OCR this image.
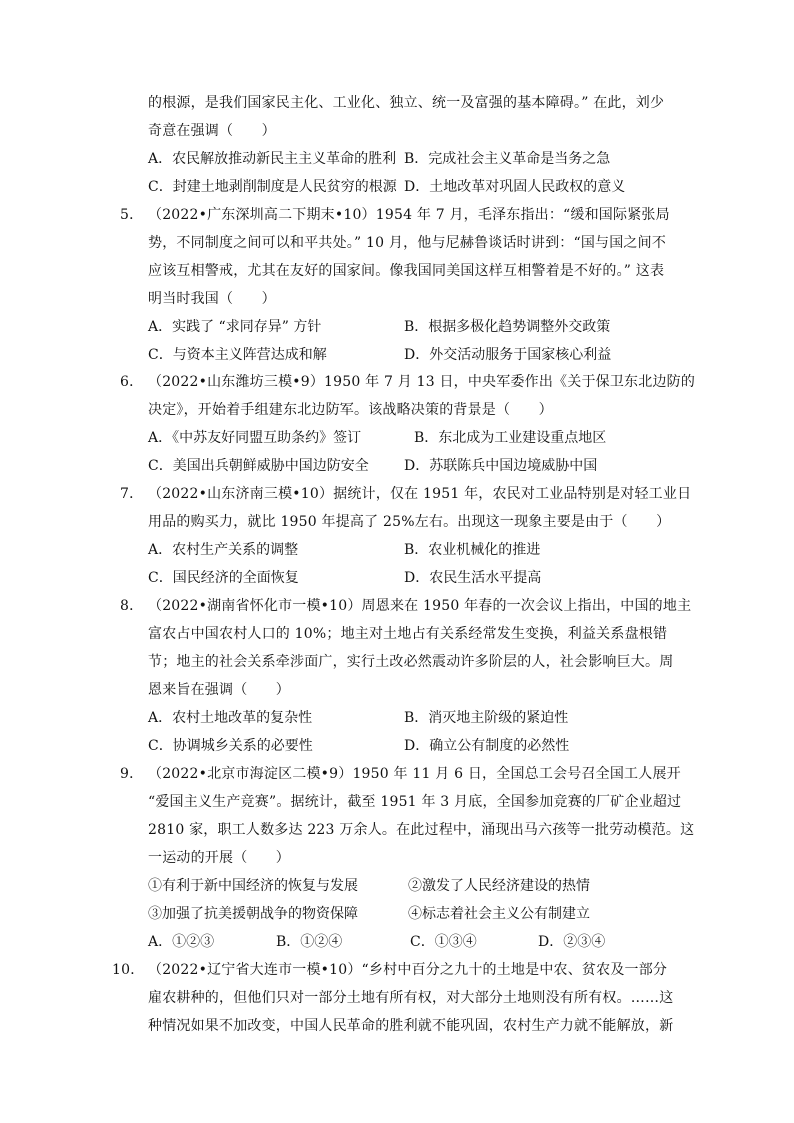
的根源，是我们国家民主化、工业化、独立、统一及富强的基本障碍。” 在此，刘少
奇意在强调（　　）
A．农民解放推动新民主主义革命的胜利 B．完成社会主义革命是当务之急
C．封建土地剥削制度是人民贫穷的根源 D．土地改革对巩固人民政权的意义
5． （2022•广东深圳高二下期末•10）1954 年 7 月，毛泽东指出：“缓和国际紧张局
势，不同制度之间可以和平共处。” 10 月，他与尼赫鲁谈话时讲到：“国与国之间不
应该互相警戒，尤其在友好的国家间。像我国同美国这样互相警着是不好的。” 这表
明当时我国（　　）
A．实践了 “求同存异” 方针	B．根据多极化趋势调整外交政策
C．与资本主义阵营达成和解	D．外交活动服务于国家核心利益
6． （2022•山东潍坊三模•9）1950 年 7 月 13 日，中央军委作出《关于保卫东北边防的
决定》，开始着手组建东北边防军。该战略决策的背景是（　　）
A．《中苏友好同盟互助条约》签订	B．东北成为工业建设重点地区
C．美国出兵朝鲜威胁中国边防安全	D．苏联陈兵中国边境威胁中国
7． （2022•山东济南三模•10）据统计，仅在 1951 年，农民对工业品特别是对轻工业日
用品的购买力，就比 1950 年提高了 25%左右。出现这一现象主要是由于（　　）
A．农村生产关系的调整	B．农业机械化的推进
C．国民经济的全面恢复	D．农民生活水平提高
8． （2022•湖南省怀化市一模•10）周恩来在 1950 年春的一次会议上指出，中国的地主
富农占中国农村人口的 10%；地主对土地占有关系经常发生变换，利益关系盘根错
节；地主的社会关系牵涉面广，实行土改必然震动许多阶层的人，社会影响巨大。周
恩来旨在强调（　　）
A．农村土地改革的复杂性	B．消灭地主阶级的紧迫性
C．协调城乡关系的必要性	D．确立公有制度的必然性
9． （2022•北京市海淀区二模•9）1950 年 11 月 6 日，全国总工会号召全国工人展开
“爱国主义生产竞赛”。据统计，截至 1951 年 3 月底，全国参加竞赛的厂矿企业超过
2810 家，职工人数多达 223 万余人。在此过程中，涌现出马六孩等一批劳动模范。这
一运动的开展（　　）
①有利于新中国经济的恢复与发展	②激发了人民经济建设的热情
③加强了抗美援朝战争的物资保障	④标志着社会主义公有制建立
A．①②③	B．①②④	C．①③④	D．②③④
10． （2022•辽宁省大连市一模•10）“乡村中百分之九十的土地是中农、贫农及一部分
雇农耕种的，但他们只对一部分土地有所有权，对大部分土地则没有所有权。……这
种情况如果不加改变，中国人民革命的胜利就不能巩固，农村生产力就不能解放，新
